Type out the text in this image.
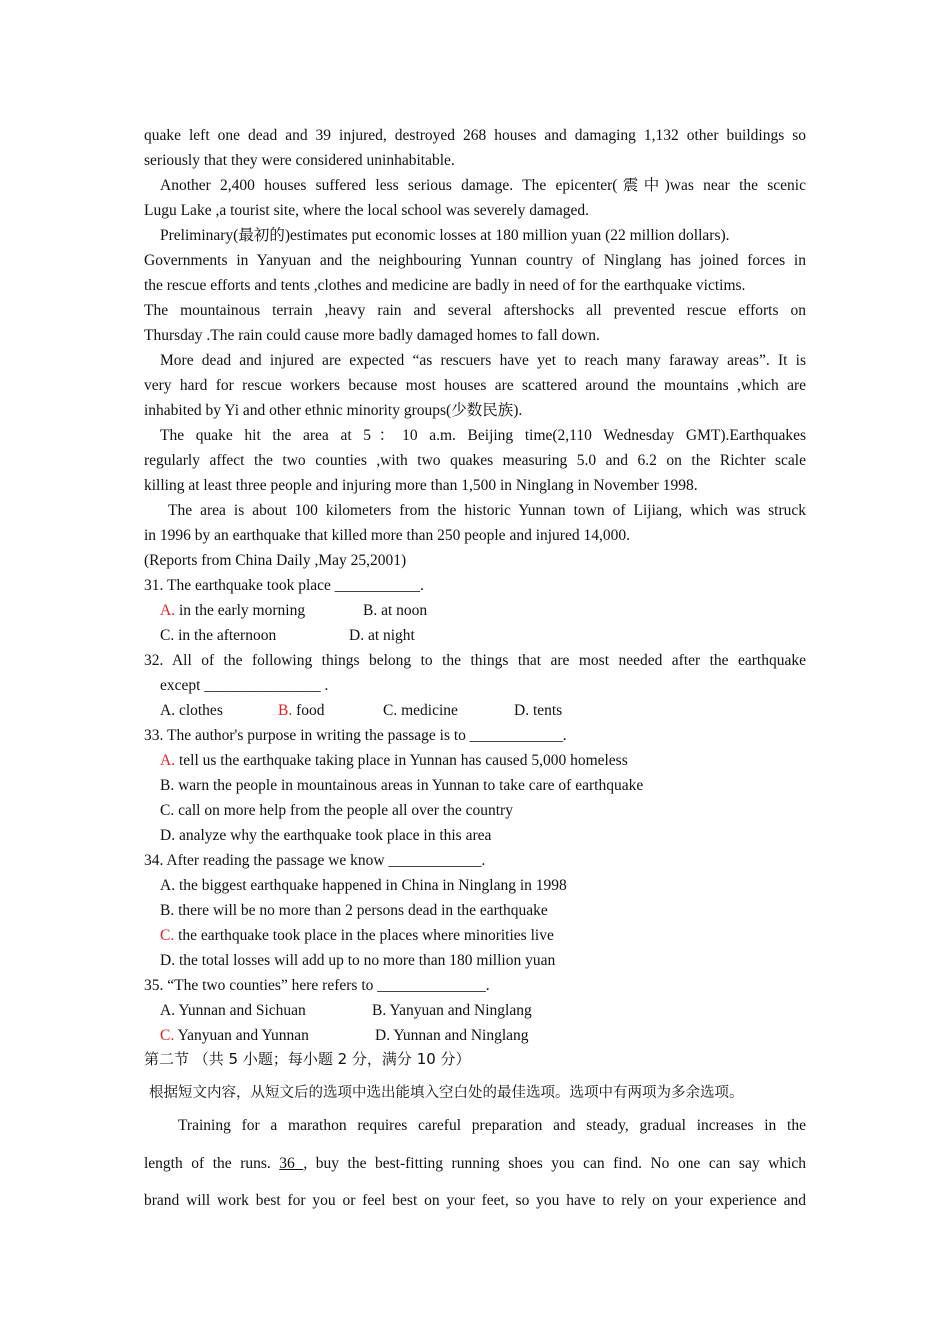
quake left one dead and 39 injured, destroyed 268 houses and damaging 1,132 other buildings so
seriously that they were considered uninhabitable.
Another 2,400 houses suffered less serious damage. The epicenter(震中)was near the scenic
Lugu Lake ,a tourist site, where the local school was severely damaged.
Preliminary(最初的)estimates put economic losses at 180 million yuan (22 million dollars).
Governments in Yanyuan and the neighbouring Yunnan country of Ninglang has joined forces in
the rescue efforts and tents ,clothes and medicine are badly in need of for the earthquake victims.
The mountainous terrain ,heavy rain and several aftershocks all prevented rescue efforts on
Thursday .The rain could cause more badly damaged homes to fall down.
More dead and injured are expected “as rescuers have yet to reach many faraway areas”. It is
very hard for rescue workers because most houses are scattered around the mountains ,which are
inhabited by Yi and other ethnic minority groups(少数民族).
The quake hit the area at 5：10 a.m. Beijing time(2,110 Wednesday GMT).Earthquakes
regularly affect the two counties ,with two quakes measuring 5.0 and 6.2 on the Richter scale
killing at least three people and injuring more than 1,500 in Ninglang in November 1998.
The area is about 100 kilometers from the historic Yunnan town of Lijiang, which was struck
in 1996 by an earthquake that killed more than 250 people and injured 14,000.
(Reports from China Daily ,May 25,2001)
31. The earthquake took place ___________.
A. in the early morning	B. at noon
C. in the afternoon	D. at night
32. All of the following things belong to the things that are most needed after the earthquake
except _______________ .
A. clothes	B. food	C. medicine	D. tents
33. The author's purpose in writing the passage is to ____________.
A. tell us the earthquake taking place in Yunnan has caused 5,000 homeless
B. warn the people in mountainous areas in Yunnan to take care of earthquake
C. call on more help from the people all over the country
D. analyze why the earthquake took place in this area
34. After reading the passage we know ____________.
A. the biggest earthquake happened in China in Ninglang in 1998
B. there will be no more than 2 persons dead in the earthquake
C. the earthquake took place in the places where minorities live
D. the total losses will add up to no more than 180 million yuan
35. “The two counties” here refers to ______________.
A. Yunnan and Sichuan	B. Yanyuan and Ninglang
C. Yanyuan and Yunnan	D. Yunnan and Ninglang
第二节 （共 5 小题；每小题 2 分，满分 10 分）
根据短文内容，从短文后的选项中选出能填入空白处的最佳选项。选项中有两项为多余选项。
Training for a marathon requires careful preparation and steady, gradual increases in the
length of the runs. 36 , buy the best-fitting running shoes you can find. No one can say which
brand will work best for you or feel best on your feet, so you have to rely on your experience and
